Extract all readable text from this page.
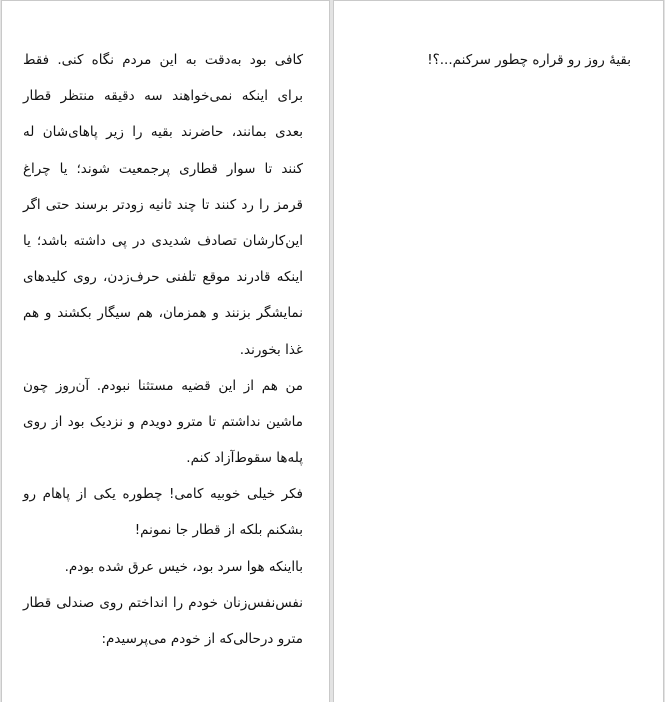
کافی بود به‌دقت به این مردم نگاه کنی. فقط
برای اینکه نمی‌خواهند سه دقیقه منتظر قطار
بعدی بمانند، حاضرند بقیه را زیر پاهای‌شان له
کنند تا سوار قطاری پرجمعیت شوند؛ یا چراغ
قرمز را رد کنند تا چند ثانیه زودتر برسند حتی اگر
این‌کارشان تصادف شدیدی در پی داشته باشد؛ یا
اینکه قادرند موقع تلفنی حرف‌زدن، روی کلیدهای
نمایشگر بزنند و همزمان، هم سیگار بکشند و هم
غذا بخورند.
من هم از این قضیه مستثنا نبودم. آن‌روز چون
ماشین نداشتم تا مترو دویدم و نزدیک بود از روی
پله‌ها سقوط‌آزاد کنم.
فکر خیلی خوبیه کامی! چطوره یکی از پاهام رو
بشکنم بلکه از قطار جا نمونم!
بااینکه هوا سرد بود، خیس عرق شده بودم.
نفس‌نفس‌زنان خودم را انداختم روی صندلی قطار
مترو درحالی‌که از خودم می‌پرسیدم:
بقیهٔ روز رو قراره چطور سرکنم...؟!
